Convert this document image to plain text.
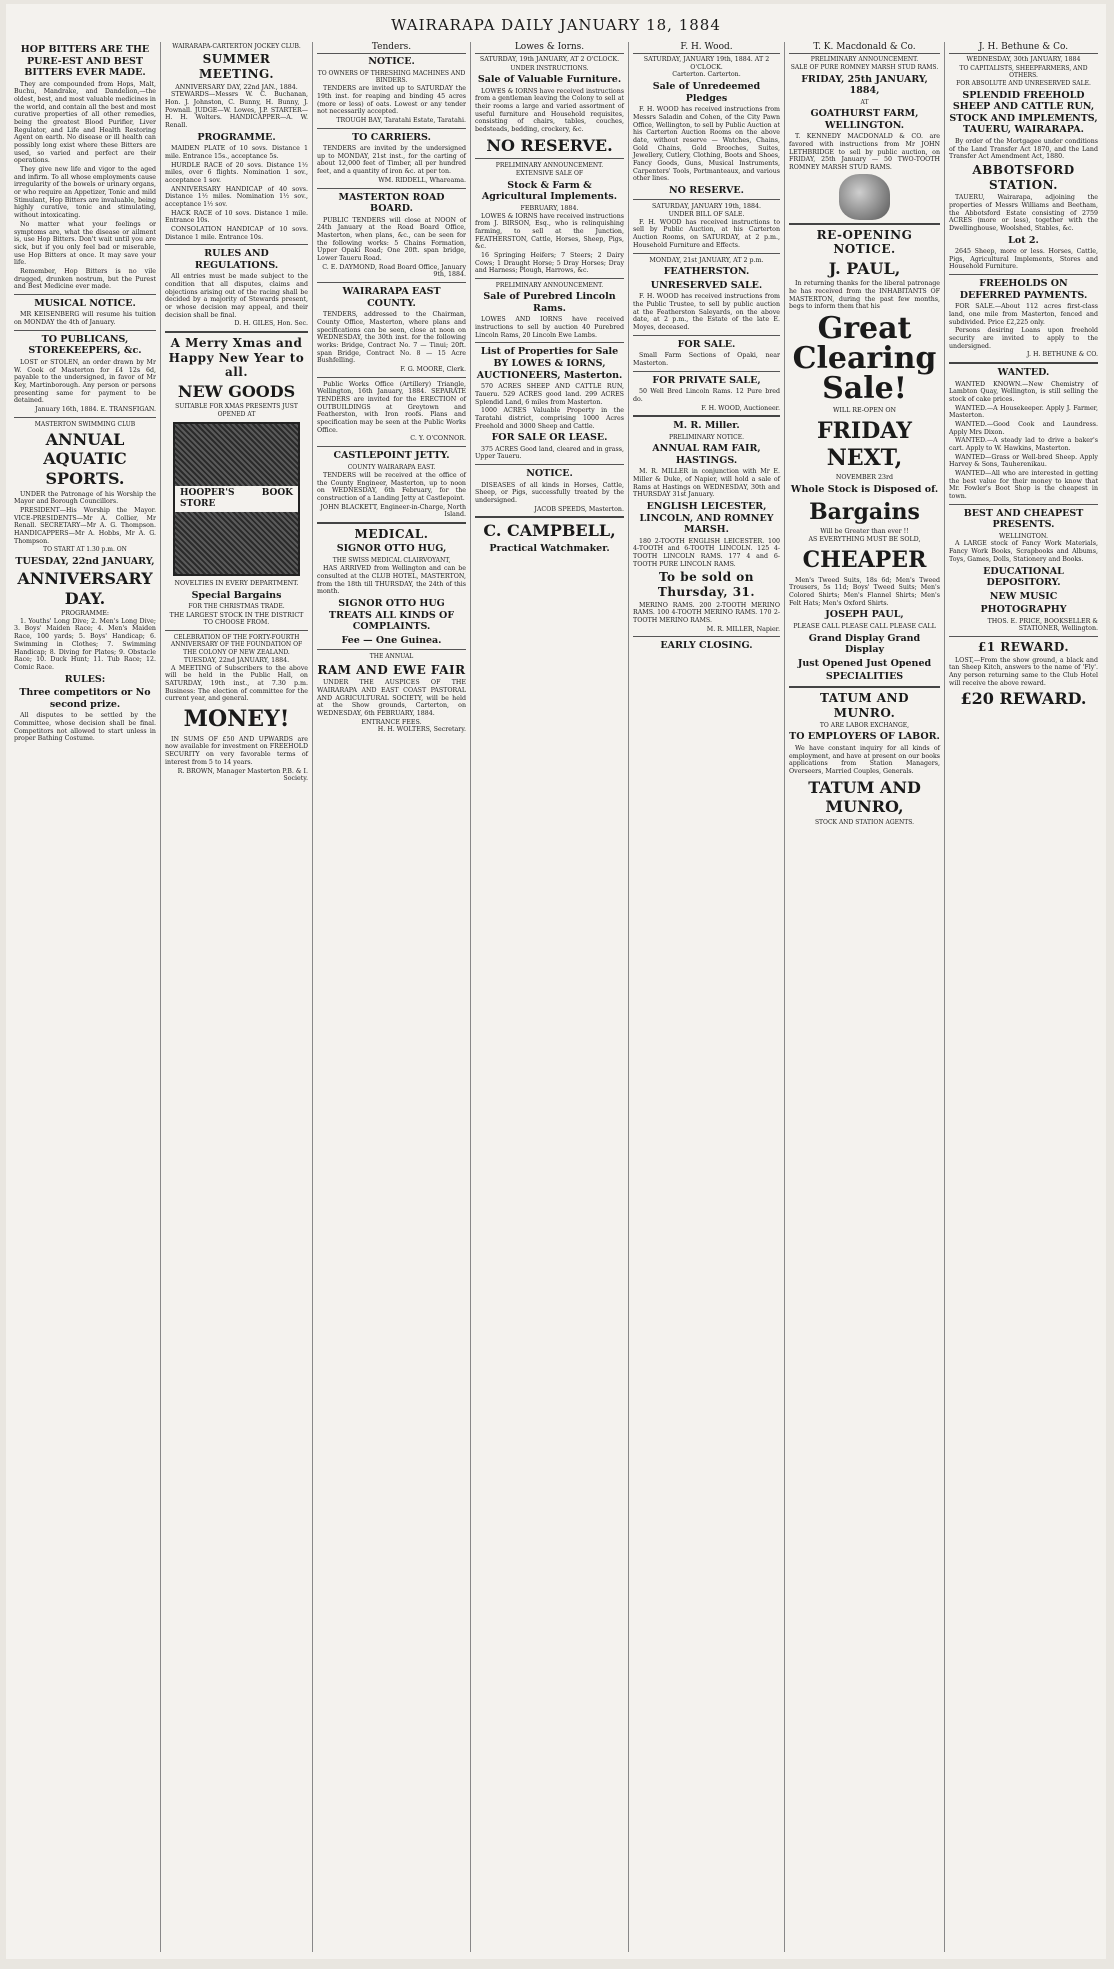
WAIRARAPA DAILY JANUARY 18, 1884
HOP BITTERS ARE THE PURE-EST AND BEST BITTERS EVER MADE.

They are compounded from Hops, Malt, Buchu, Mandrake, and Dandelion,—the oldest, best, and most valuable medicines in the world, and contain all the best and most curative properties of all other remedies, being the greatest Blood Purifier, Liver Regulator, and Life and Health Restoring Agent on earth. No disease or ill health can possibly long exist where these Bitters are used, so varied and perfect are their operations.

They give new life and vigor to the aged and infirm. To all whose employments cause irregularity of the bowels or urinary organs, or who require an Appetizer, Tonic and mild Stimulant, Hop Bitters are invaluable, being highly curative, tonic and stimulating, without intoxicating.

No matter what your feelings or symptoms are, what the disease or ailment is, use Hop Bitters. Don't wait until you are sick, but if you only feel bad or miserable, use Hop Bitters at once. It may save your life.

Remember, Hop Bitters is no vile drugged, drunken nostrum, but the Purest and Best Medicine ever made.

MUSICAL NOTICE.

MR KEISENBERG will resume his tuition on MONDAY the 4th of January.

TO PUBLICANS, STOREKEEPERS, &c.

LOST or STOLEN, an order drawn by Mr W. Cook of Masterton for £4 12s 6d, payable to the undersigned, in favor of Mr Key, Martinborough. Any person or persons presenting same for payment to be detained.

January 16th, 1884. E. TRANSFIGAN.
MASTERTON SWIMMING CLUB
ANNUAL AQUATIC SPORTS.

UNDER the Patronage of his Worship the Mayor and Borough Councillors.

PRESIDENT—His Worship the Mayor. VICE-PRESIDENTS—Mr A. Collier, Mr Renall. SECRETARY—Mr A. G. Thompson. HANDICAPPERS—Mr A. Hobbs, Mr A. G. Thompson.

TO START AT 1.30 p.m. ON
TUESDAY, 22nd JANUARY,
ANNIVERSARY DAY.
PROGRAMME:

1. Youths' Long Dive; 2. Men's Long Dive; 3. Boys' Maiden Race; 4. Men's Maiden Race, 100 yards; 5. Boys' Handicap; 6. Swimming in Clothes; 7. Swimming Handicap; 8. Diving for Plates; 9. Obstacle Race; 10. Duck Hunt; 11. Tub Race; 12. Comic Race.

RULES:
Three competitors or No second prize.

All disputes to be settled by the Committee, whose decision shall be final. Competitors not allowed to start unless in proper Bathing Costume.

WAIRARAPA-CARTERTON JOCKEY CLUB.
SUMMER MEETING.
ANNIVERSARY DAY, 22nd JAN., 1884.

STEWARDS—Messrs W. C. Buchanan, Hon. J. Johnston, C. Bunny, H. Bunny, J. Pownall. JUDGE—W. Lowes, J.P. STARTER—H. H. Wolters. HANDICAPPER—A. W. Renall.

PROGRAMME.

MAIDEN PLATE of 10 sovs. Distance 1 mile. Entrance 15s., acceptance 5s.

HURDLE RACE of 20 sovs. Distance 1½ miles, over 6 flights. Nomination 1 sov., acceptance 1 sov.

ANNIVERSARY HANDICAP of 40 sovs. Distance 1½ miles. Nomination 1½ sov., acceptance 1½ sov.

HACK RACE of 10 sovs. Distance 1 mile. Entrance 10s.

CONSOLATION HANDICAP of 10 sovs. Distance 1 mile. Entrance 10s.

RULES AND REGULATIONS.

All entries must be made subject to the condition that all disputes, claims and objections arising out of the racing shall be decided by a majority of Stewards present, or whose decision may appeal, and their decision shall be final.

D. H. GILES, Hon. Sec.
A Merry Xmas and Happy New Year to all.
NEW GOODS
SUITABLE FOR XMAS PRESENTS JUST OPENED AT
HOOPER'S BOOK STORE
NOVELTIES IN EVERY DEPARTMENT.
Special Bargains
FOR THE CHRISTMAS TRADE.
THE LARGEST STOCK IN THE DISTRICT TO CHOOSE FROM.
CELEBRATION OF THE FORTY-FOURTH ANNIVERSARY OF THE FOUNDATION OF THE COLONY OF NEW ZEALAND.
TUESDAY, 22nd JANUARY, 1884.

A MEETING of Subscribers to the above will be held in the Public Hall, on SATURDAY, 19th inst., at 7.30 p.m. Business: The election of committee for the current year, and general.

MONEY!

IN SUMS OF £50 AND UPWARDS are now available for investment on FREEHOLD SECURITY on very favorable terms of interest from 5 to 14 years.

R. BROWN, Manager Masterton P.B. & I. Society.
Tenders.
NOTICE.
TO OWNERS OF THRESHING MACHINES AND BINDERS.

TENDERS are invited up to SATURDAY the 19th inst. for reaping and binding 45 acres (more or less) of oats. Lowest or any tender not necessarily accepted.

TROUGH BAY, Taratahi Estate, Taratahi.
TO CARRIERS.

TENDERS are invited by the undersigned up to MONDAY, 21st inst., for the carting of about 12,000 feet of Timber, all per hundred feet, and a quantity of iron &c. at per ton.

WM. RIDDELL, Whareama.
MASTERTON ROAD BOARD.

PUBLIC TENDERS will close at NOON of 24th January at the Road Board Office, Masterton, when plans, &c., can be seen for the following works: 5 Chains Formation, Upper Opaki Road; One 20ft. span bridge, Lower Taueru Road.

C. E. DAYMOND, Road Board Office, January 9th, 1884.
WAIRARAPA EAST COUNTY.

TENDERS, addressed to the Chairman, County Office, Masterton, where plans and specifications can be seen, close at noon on WEDNESDAY, the 30th inst. for the following works: Bridge, Contract No. 7 — Tinui; 20ft. span Bridge, Contract No. 8 — 15 Acre Bushfelling.

F. G. MOORE, Clerk.

Public Works Office (Artillery) Triangle, Wellington, 16th January, 1884. SEPARATE TENDERS are invited for the ERECTION of OUTBUILDINGS at Greytown and Featherston, with Iron roofs. Plans and specification may be seen at the Public Works Office.

C. Y. O'CONNOR.
CASTLEPOINT JETTY.
COUNTY WAIRARAPA EAST.

TENDERS will be received at the office of the County Engineer, Masterton, up to noon on WEDNESDAY, 6th February, for the construction of a Landing Jetty at Castlepoint.

JOHN BLACKETT, Engineer-in-Charge, North Island.
MEDICAL.
SIGNOR OTTO HUG,
THE SWISS MEDICAL CLAIRVOYANT,

HAS ARRIVED from Wellington and can be consulted at the CLUB HOTEL, MASTERTON, from the 18th till THURSDAY, the 24th of this month.

SIGNOR OTTO HUG TREATS ALL KINDS OF COMPLAINTS.
Fee — One Guinea.
THE ANNUAL
RAM AND EWE FAIR

UNDER THE AUSPICES OF THE WAIRARAPA AND EAST COAST PASTORAL AND AGRICULTURAL SOCIETY, will be held at the Show grounds, Carterton, on WEDNESDAY, 6th FEBRUARY, 1884.

ENTRANCE FEES.
H. H. WOLTERS, Secretary.
Lowes & Iorns.
SATURDAY, 19th JANUARY, AT 2 O'CLOCK.
UNDER INSTRUCTIONS.
Sale of Valuable Furniture.

LOWES & IORNS have received instructions from a gentleman leaving the Colony to sell at their rooms a large and varied assortment of useful furniture and Household requisites, consisting of chairs, tables, couches, bedsteads, bedding, crockery, &c.

NO RESERVE.
PRELIMINARY ANNOUNCEMENT.
EXTENSIVE SALE OF
Stock & Farm & Agricultural Implements.
FEBRUARY, 1884.

LOWES & IORNS have received instructions from J. BIRSON, Esq., who is relinquishing farming, to sell at the Junction, FEATHERSTON, Cattle, Horses, Sheep, Pigs, &c.

16 Springing Heifers; 7 Steers; 2 Dairy Cows; 1 Draught Horse; 5 Dray Horses; Dray and Harness; Plough, Harrows, &c.

PRELIMINARY ANNOUNCEMENT.
Sale of Purebred Lincoln Rams.

LOWES AND IORNS have received instructions to sell by auction 40 Purebred Lincoln Rams, 20 Lincoln Ewe Lambs.

List of Properties for Sale BY LOWES & IORNS, AUCTIONEERS, Masterton.

570 ACRES SHEEP AND CATTLE RUN, Taueru. 529 ACRES good land. 299 ACRES Splendid Land, 6 miles from Masterton.

1000 ACRES Valuable Property in the Taratahi district, comprising 1000 Acres Freehold and 3000 Sheep and Cattle.

FOR SALE OR LEASE.

375 ACRES Good land, cleared and in grass, Upper Taueru.

NOTICE.

DISEASES of all kinds in Horses, Cattle, Sheep, or Pigs, successfully treated by the undersigned.

JACOB SPEEDS, Masterton.
C. CAMPBELL,
Practical Watchmaker.
F. H. Wood.
SATURDAY, JANUARY 19th, 1884. AT 2 O'CLOCK.
Carterton. Carterton.
Sale of Unredeemed Pledges

F. H. WOOD has received instructions from Messrs Saladin and Cohen, of the City Pawn Office, Wellington, to sell by Public Auction at his Carterton Auction Rooms on the above date, without reserve — Watches, Chains, Gold Chains, Gold Brooches, Suites, Jewellery, Cutlery, Clothing, Boots and Shoes, Fancy Goods, Guns, Musical Instruments, Carpenters' Tools, Portmanteaux, and various other lines.

NO RESERVE.
SATURDAY, JANUARY 19th, 1884.
UNDER BILL OF SALE.

F. H. WOOD has received instructions to sell by Public Auction, at his Carterton Auction Rooms, on SATURDAY, at 2 p.m., Household Furniture and Effects.

MONDAY, 21st JANUARY, AT 2 p.m.
FEATHERSTON.
UNRESERVED SALE.

F. H. WOOD has received instructions from the Public Trustee, to sell by public auction at the Featherston Saleyards, on the above date, at 2 p.m., the Estate of the late E. Moyes, deceased.

FOR SALE.

Small Farm Sections of Opaki, near Masterton.

FOR PRIVATE SALE,

50 Well Bred Lincoln Rams. 12 Pure bred do.

F. H. WOOD, Auctioneer.
M. R. Miller.
PRELIMINARY NOTICE.
ANNUAL RAM FAIR, HASTINGS.

M. R. MILLER in conjunction with Mr E. Miller & Duke, of Napier, will hold a sale of Rams at Hastings on WEDNESDAY, 30th and THURSDAY 31st January.

ENGLISH LEICESTER, LINCOLN, AND ROMNEY MARSH.

180 2-TOOTH ENGLISH LEICESTER. 100 4-TOOTH and 6-TOOTH LINCOLN. 125 4-TOOTH LINCOLN RAMS. 177 4 and 6-TOOTH PURE LINCOLN RAMS.

To be sold on Thursday, 31.

MERINO RAMS. 200 2-TOOTH MERINO RAMS. 100 4-TOOTH MERINO RAMS. 170 2-TOOTH MERINO RAMS.

M. R. MILLER, Napier.
EARLY CLOSING.
T. K. Macdonald & Co.
PRELIMINARY ANNOUNCEMENT.
SALE OF PURE ROMNEY MARSH STUD RAMS.
FRIDAY, 25th JANUARY, 1884,
AT
GOATHURST FARM, WELLINGTON.

T. KENNEDY MACDONALD & CO. are favored with instructions from Mr JOHN LETHBRIDGE to sell by public auction, on FRIDAY, 25th January — 50 TWO-TOOTH ROMNEY MARSH STUD RAMS.

RE-OPENING NOTICE.
J. PAUL,

In returning thanks for the liberal patronage he has received from the INHABITANTS OF MASTERTON, during the past few months, begs to inform them that his

Great Clearing Sale!
WILL RE-OPEN ON
FRIDAY NEXT,
NOVEMBER 23rd
Whole Stock is Disposed of.
Bargains
Will be Greater than ever !!
AS EVERYTHING MUST BE SOLD,
CHEAPER

Men's Tweed Suits, 18s 6d; Men's Tweed Trousers, 5s 11d; Boys' Tweed Suits; Men's Colored Shirts; Men's Flannel Shirts; Men's Felt Hats; Men's Oxford Shirts.

JOSEPH PAUL,
PLEASE CALL PLEASE CALL PLEASE CALL
Grand Display Grand Display
Just Opened Just Opened
SPECIALITIES
TATUM AND MUNRO.
TO ARE LABOR EXCHANGE,
TO EMPLOYERS OF LABOR.

We have constant inquiry for all kinds of employment, and have at present on our books applications from Station Managers, Overseers, Married Couples, Generals.

TATUM AND MUNRO,
STOCK AND STATION AGENTS.
J. H. Bethune & Co.
WEDNESDAY, 30th JANUARY, 1884
TO CAPITALISTS, SHEEPFARMERS, AND OTHERS.
FOR ABSOLUTE AND UNRESERVED SALE.
SPLENDID FREEHOLD SHEEP AND CATTLE RUN, STOCK AND IMPLEMENTS, TAUERU, WAIRARAPA.

By order of the Mortgagee under conditions of the Land Transfer Act 1870, and the Land Transfer Act Amendment Act, 1880.

ABBOTSFORD STATION.

TAUERU, Wairarapa, adjoining the properties of Messrs Williams and Beetham, the Abbotsford Estate consisting of 2759 ACRES (more or less), together with the Dwellinghouse, Woolshed, Stables, &c.

Lot 2.

2645 Sheep, more or less. Horses, Cattle, Pigs, Agricultural Implements, Stores and Household Furniture.

FREEHOLDS ON DEFERRED PAYMENTS.

FOR SALE.—About 112 acres first-class land, one mile from Masterton, fenced and subdivided. Price £2,225 only.

Persons desiring Loans upon freehold security are invited to apply to the undersigned.

J. H. BETHUNE & CO.
WANTED.

WANTED KNOWN.—New Chemistry of Lambton Quay, Wellington, is still selling the stock of cake prices.

WANTED.—A Housekeeper. Apply J. Farmer, Masterton.

WANTED.—Good Cook and Laundress. Apply Mrs Dixon.

WANTED.—A steady lad to drive a baker's cart. Apply to W. Hawkins, Masterton.

WANTED—Grass or Well-bred Sheep. Apply Harvey & Sons, Tauherenikau.

WANTED—All who are interested in getting the best value for their money to know that Mr. Fowler's Boot Shop is the cheapest in town.

BEST AND CHEAPEST PRESENTS.
WELLINGTON.

A LARGE stock of Fancy Work Materials, Fancy Work Books, Scrapbooks and Albums, Toys, Games, Dolls, Stationery and Books.

EDUCATIONAL DEPOSITORY.
NEW MUSIC
PHOTOGRAPHY
THOS. E. PRICE, BOOKSELLER & STATIONER, Wellington.
£1 REWARD.

LOST,—From the show ground, a black and tan Sheep Kitch, answers to the name of 'Fly'. Any person returning same to the Club Hotel will receive the above reward.

£20 REWARD.
